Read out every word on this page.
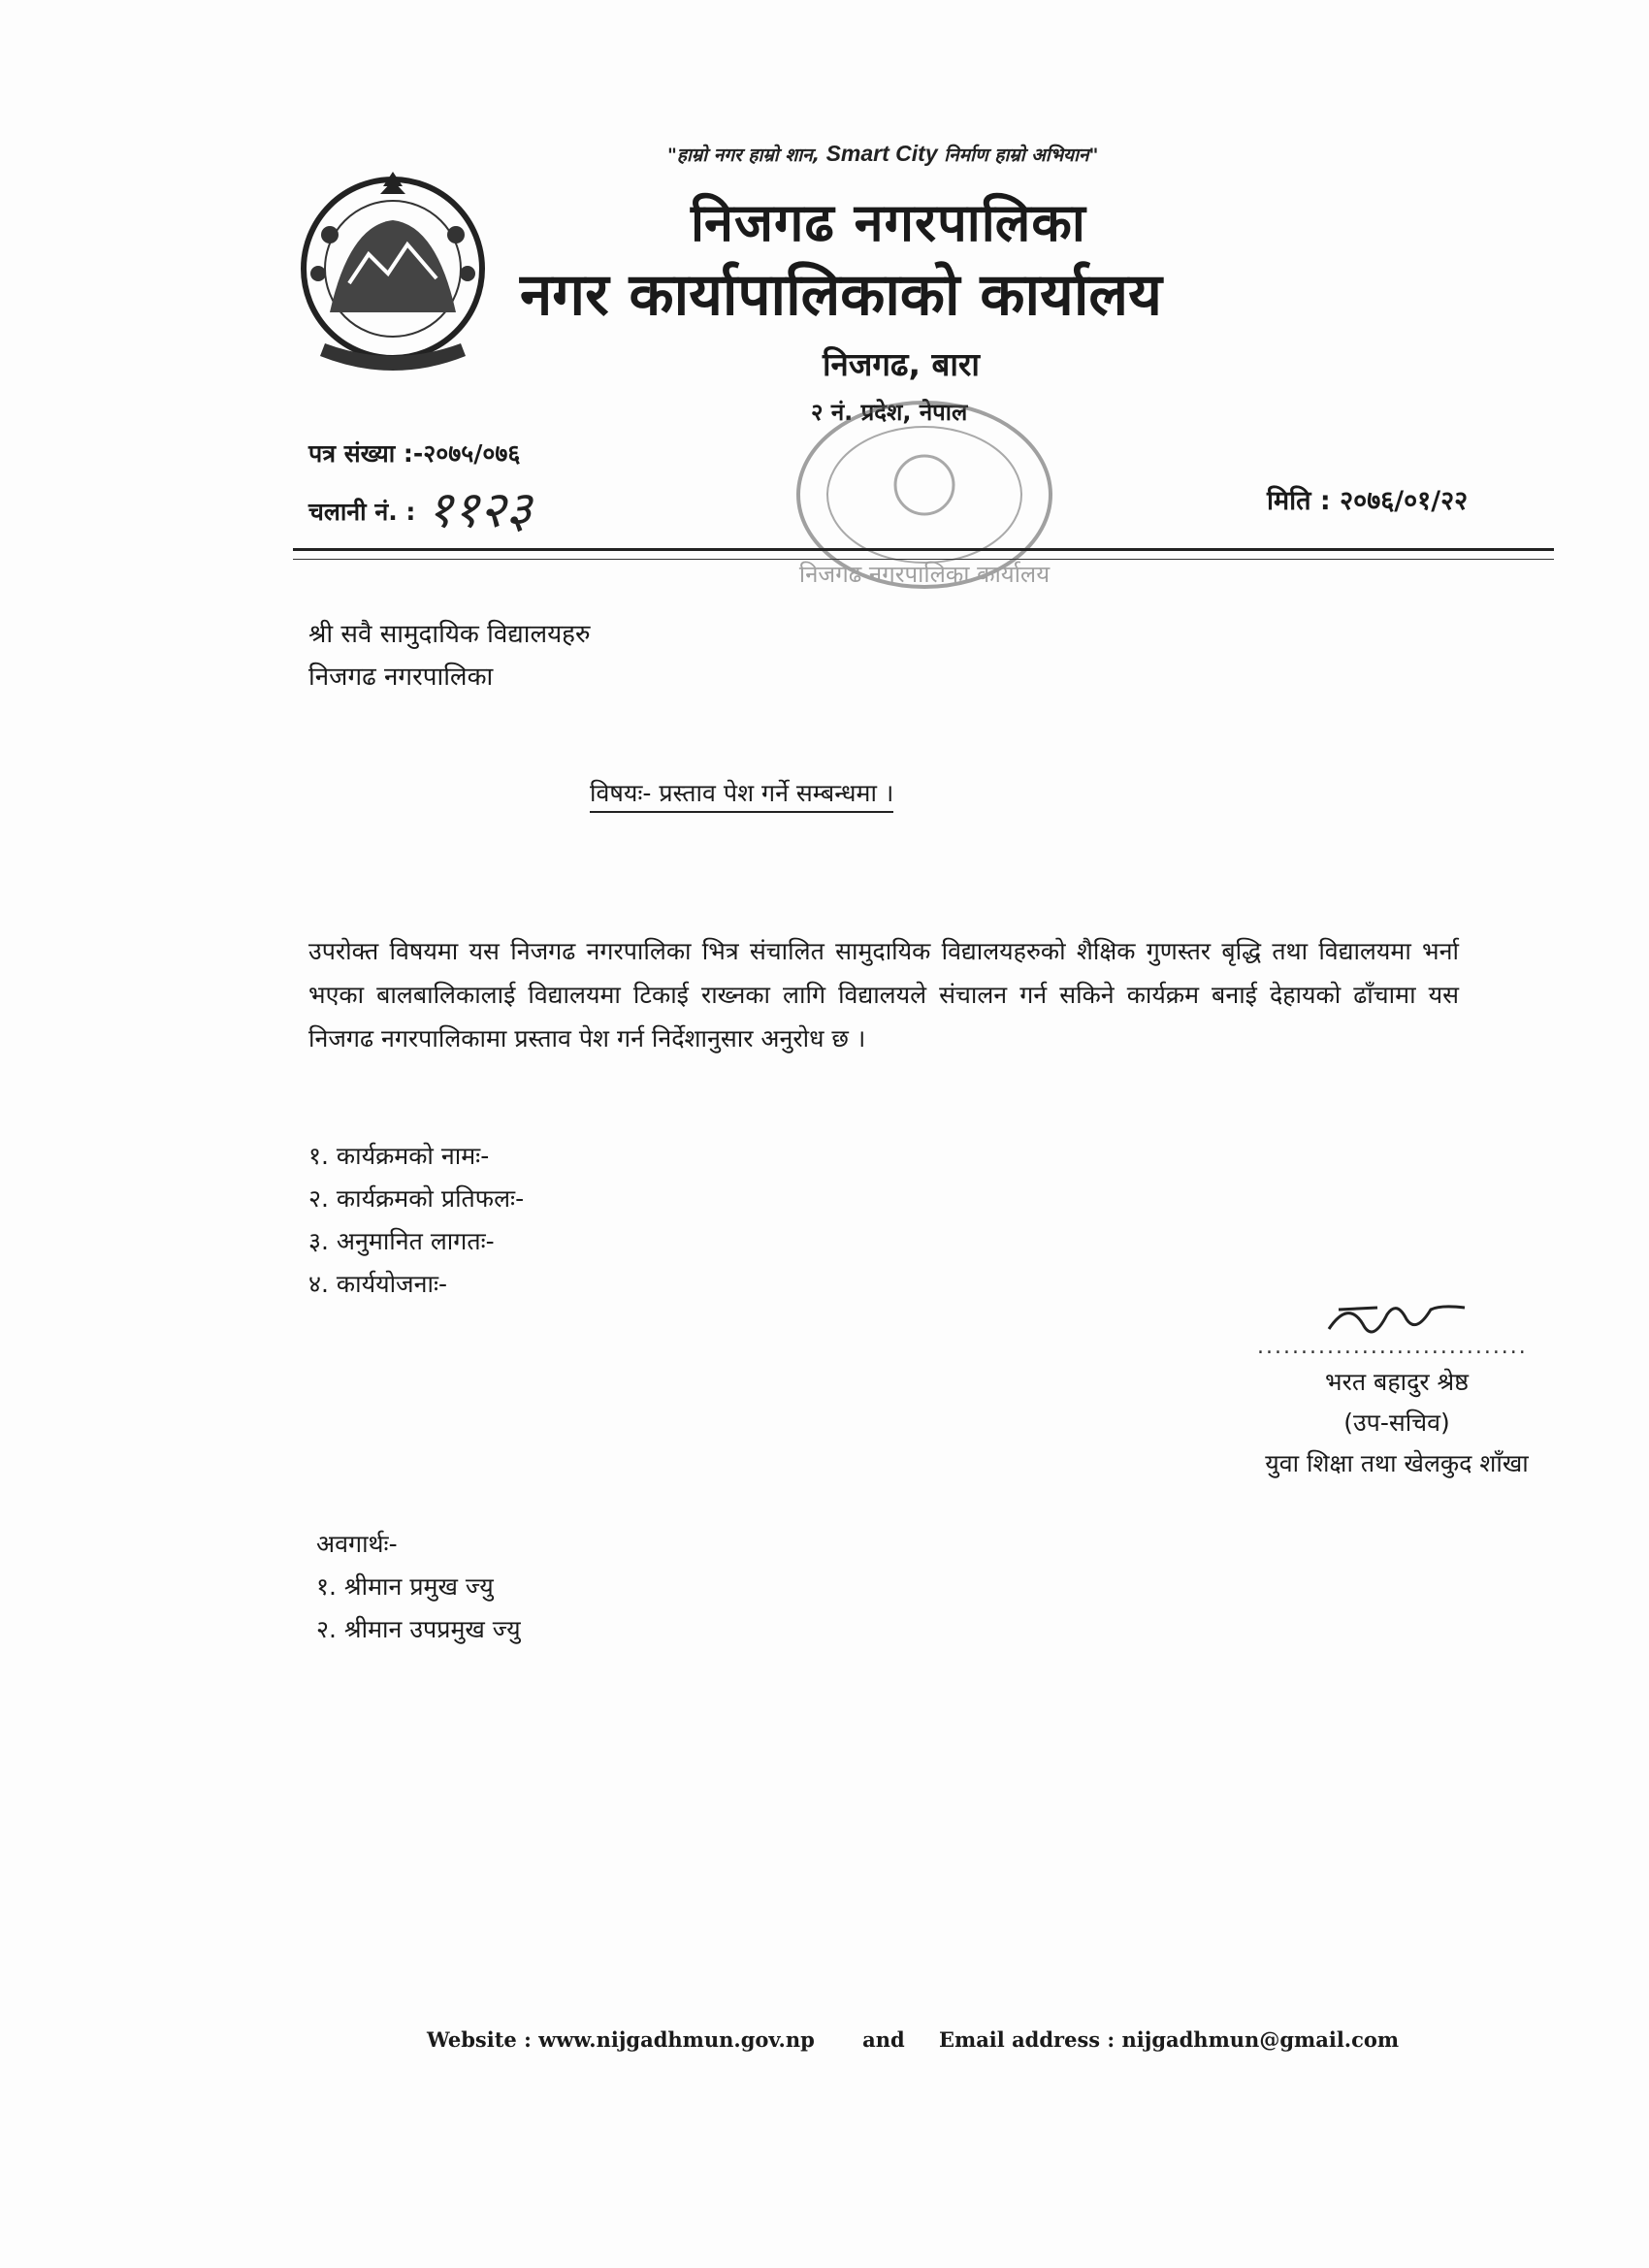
"हाम्रो नगर हाम्रो शान, Smart City निर्माण हाम्रो अभियान"
निजगढ नगरपालिका
नगर कार्यापालिकाको कार्यालय
निजगढ, बारा
२ नं. प्रदेश, नेपाल
निजगढ नगरपालिका कार्यालय
पत्र संख्या :-२०७५/०७६
चलानी नं. : ११२३	मिति : २०७६/०१/२२
श्री सवै सामुदायिक विद्यालयहरु
निजगढ नगरपालिका
विषयः- प्रस्ताव पेश गर्ने सम्बन्धमा ।
उपरोक्त विषयमा यस निजगढ नगरपालिका भित्र संचालित सामुदायिक विद्यालयहरुको शैक्षिक गुणस्तर बृद्धि तथा विद्यालयमा भर्ना भएका बालबालिकालाई विद्यालयमा टिकाई राख्नका लागि विद्यालयले संचालन गर्न सकिने कार्यक्रम बनाई देहायको ढाँचामा यस निजगढ नगरपालिकामा प्रस्ताव पेश गर्न निर्देशानुसार अनुरोध छ ।
१. कार्यक्रमको नामः-
२. कार्यक्रमको प्रतिफलः-
३. अनुमानित लागतः-
४. कार्ययोजनाः-
...............................
भरत बहादुर श्रेष्ठ
(उप-सचिव)
युवा शिक्षा तथा खेलकुद शाँखा
अवगार्थः-
१. श्रीमान प्रमुख ज्यु
२. श्रीमान उपप्रमुख ज्यु
Website : www.nijgadhmun.gov.np and Email address : nijgadhmun@gmail.com
